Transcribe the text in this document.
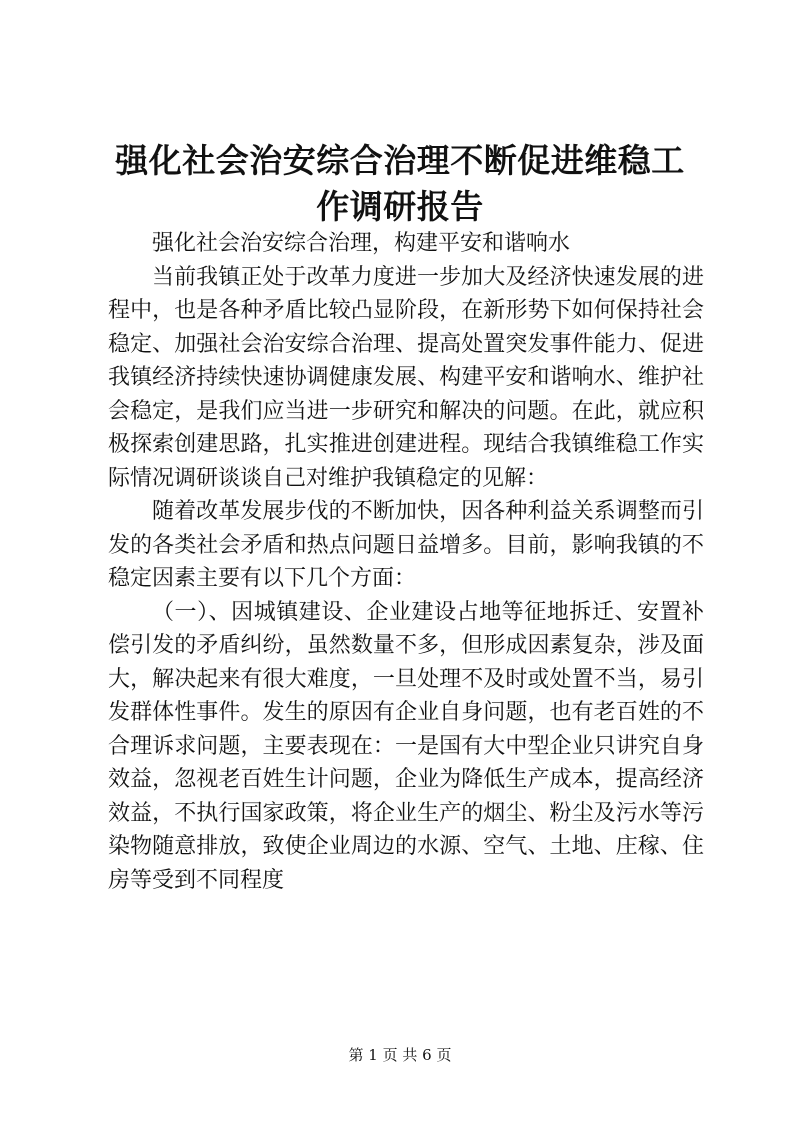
强化社会治安综合治理不断促进维稳工作调研报告

强化社会治安综合治理，构建平安和谐响水

当前我镇正处于改革力度进一步加大及经济快速发展的进程中，也是各种矛盾比较凸显阶段，在新形势下如何保持社会稳定、加强社会治安综合治理、提高处置突发事件能力、促进我镇经济持续快速协调健康发展、构建平安和谐响水、维护社会稳定，是我们应当进一步研究和解决的问题。在此，就应积极探索创建思路，扎实推进创建进程。现结合我镇维稳工作实际情况调研谈谈自己对维护我镇稳定的见解：

随着改革发展步伐的不断加快，因各种利益关系调整而引发的各类社会矛盾和热点问题日益增多。目前，影响我镇的不稳定因素主要有以下几个方面：

（一）、因城镇建设、企业建设占地等征地拆迁、安置补偿引发的矛盾纠纷，虽然数量不多，但形成因素复杂，涉及面大，解决起来有很大难度，一旦处理不及时或处置不当，易引发群体性事件。发生的原因有企业自身问题，也有老百姓的不合理诉求问题，主要表现在：一是国有大中型企业只讲究自身效益，忽视老百姓生计问题，企业为降低生产成本，提高经济效益，不执行国家政策，将企业生产的烟尘、粉尘及污水等污染物随意排放，致使企业周边的水源、空气、土地、庄稼、住房等受到不同程度

第 1 页 共 6 页
